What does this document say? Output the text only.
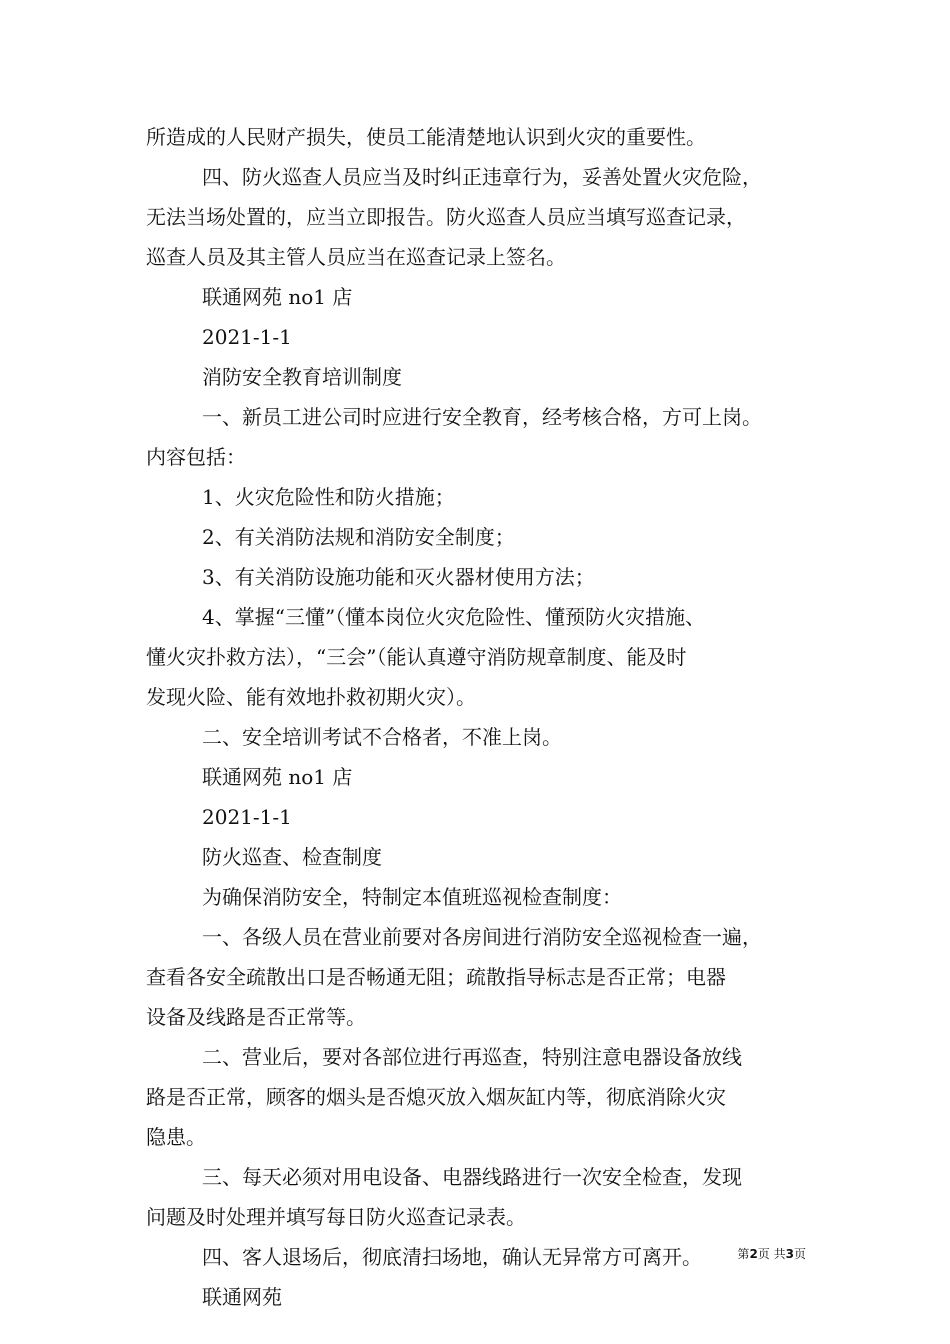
所造成的人民财产损失，使员工能清楚地认识到火灾的重要性。
四、防火巡查人员应当及时纠正违章行为，妥善处置火灾危险，
无法当场处置的，应当立即报告。防火巡查人员应当填写巡查记录，
巡查人员及其主管人员应当在巡查记录上签名。
联通网苑 no1 店
2021-1-1
消防安全教育培训制度
一、新员工进公司时应进行安全教育，经考核合格，方可上岗。
内容包括：
1、火灾危险性和防火措施；
2、有关消防法规和消防安全制度；
3、有关消防设施功能和灭火器材使用方法；
4、掌握“三懂”（懂本岗位火灾危险性、懂预防火灾措施、
懂火灾扑救方法），“三会”（能认真遵守消防规章制度、能及时
发现火险、能有效地扑救初期火灾）。
二、安全培训考试不合格者，不准上岗。
联通网苑 no1 店
2021-1-1
防火巡查、检查制度
为确保消防安全，特制定本值班巡视检查制度：
一、各级人员在营业前要对各房间进行消防安全巡视检查一遍，
查看各安全疏散出口是否畅通无阻；疏散指导标志是否正常；电器
设备及线路是否正常等。
二、营业后，要对各部位进行再巡查，特别注意电器设备放线
路是否正常，顾客的烟头是否熄灭放入烟灰缸内等，彻底消除火灾
隐患。
三、每天必须对用电设备、电器线路进行一次安全检查，发现
问题及时处理并填写每日防火巡查记录表。
四、客人退场后，彻底清扫场地，确认无异常方可离开。
联通网苑
第2页 共3页
